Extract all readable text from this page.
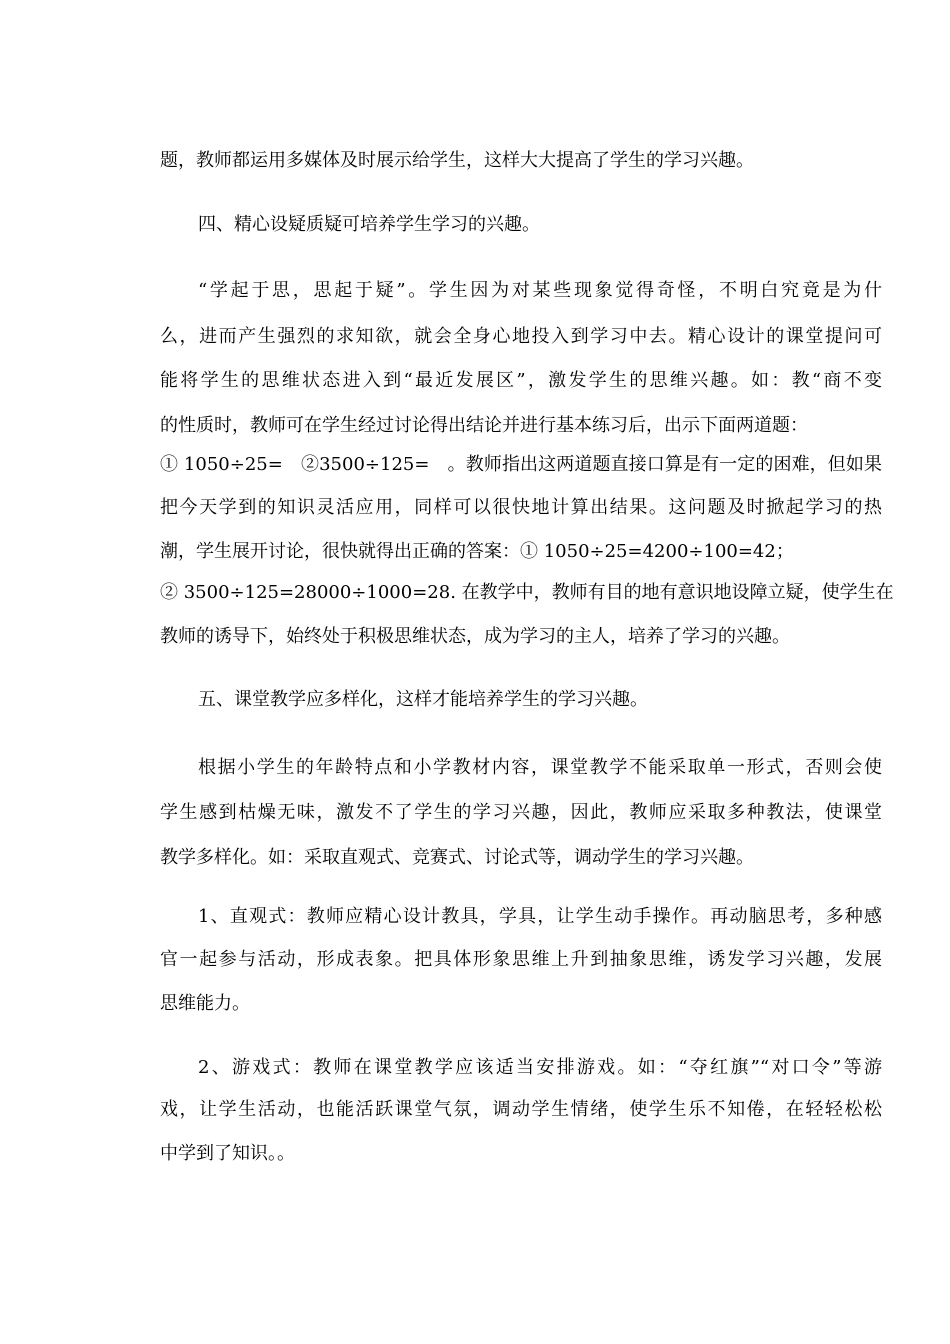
题，教师都运用多媒体及时展示给学生，这样大大提高了学生的学习兴趣。
四、精心设疑质疑可培养学生学习的兴趣。
“学起于思，思起于疑”。学生因为对某些现象觉得奇怪，不明白究竟是为什
么，进而产生强烈的求知欲，就会全身心地投入到学习中去。精心设计的课堂提问可
能将学生的思维状态进入到“最近发展区”，激发学生的思维兴趣。如：教“商不变
的性质时，教师可在学生经过讨论得出结论并进行基本练习后，出示下面两道题：
① 1050÷25=　②3500÷125=　。教师指出这两道题直接口算是有一定的困难，但如果
把今天学到的知识灵活应用，同样可以很快地计算出结果。这问题及时掀起学习的热
潮，学生展开讨论，很快就得出正确的答案：① 1050÷25=4200÷100=42；
② 3500÷125=28000÷1000=28. 在教学中，教师有目的地有意识地设障立疑，使学生在
教师的诱导下，始终处于积极思维状态，成为学习的主人，培养了学习的兴趣。
五、课堂教学应多样化，这样才能培养学生的学习兴趣。
根据小学生的年龄特点和小学教材内容，课堂教学不能采取单一形式，否则会使
学生感到枯燥无味，激发不了学生的学习兴趣，因此，教师应采取多种教法，使课堂
教学多样化。如：采取直观式、竞赛式、讨论式等，调动学生的学习兴趣。
1、直观式：教师应精心设计教具，学具，让学生动手操作。再动脑思考，多种感
官一起参与活动，形成表象。把具体形象思维上升到抽象思维，诱发学习兴趣，发展
思维能力。
2、游戏式：教师在课堂教学应该适当安排游戏。如：“夺红旗”“对口令”等游
戏，让学生活动，也能活跃课堂气氛，调动学生情绪，使学生乐不知倦，在轻轻松松
中学到了知识。。
